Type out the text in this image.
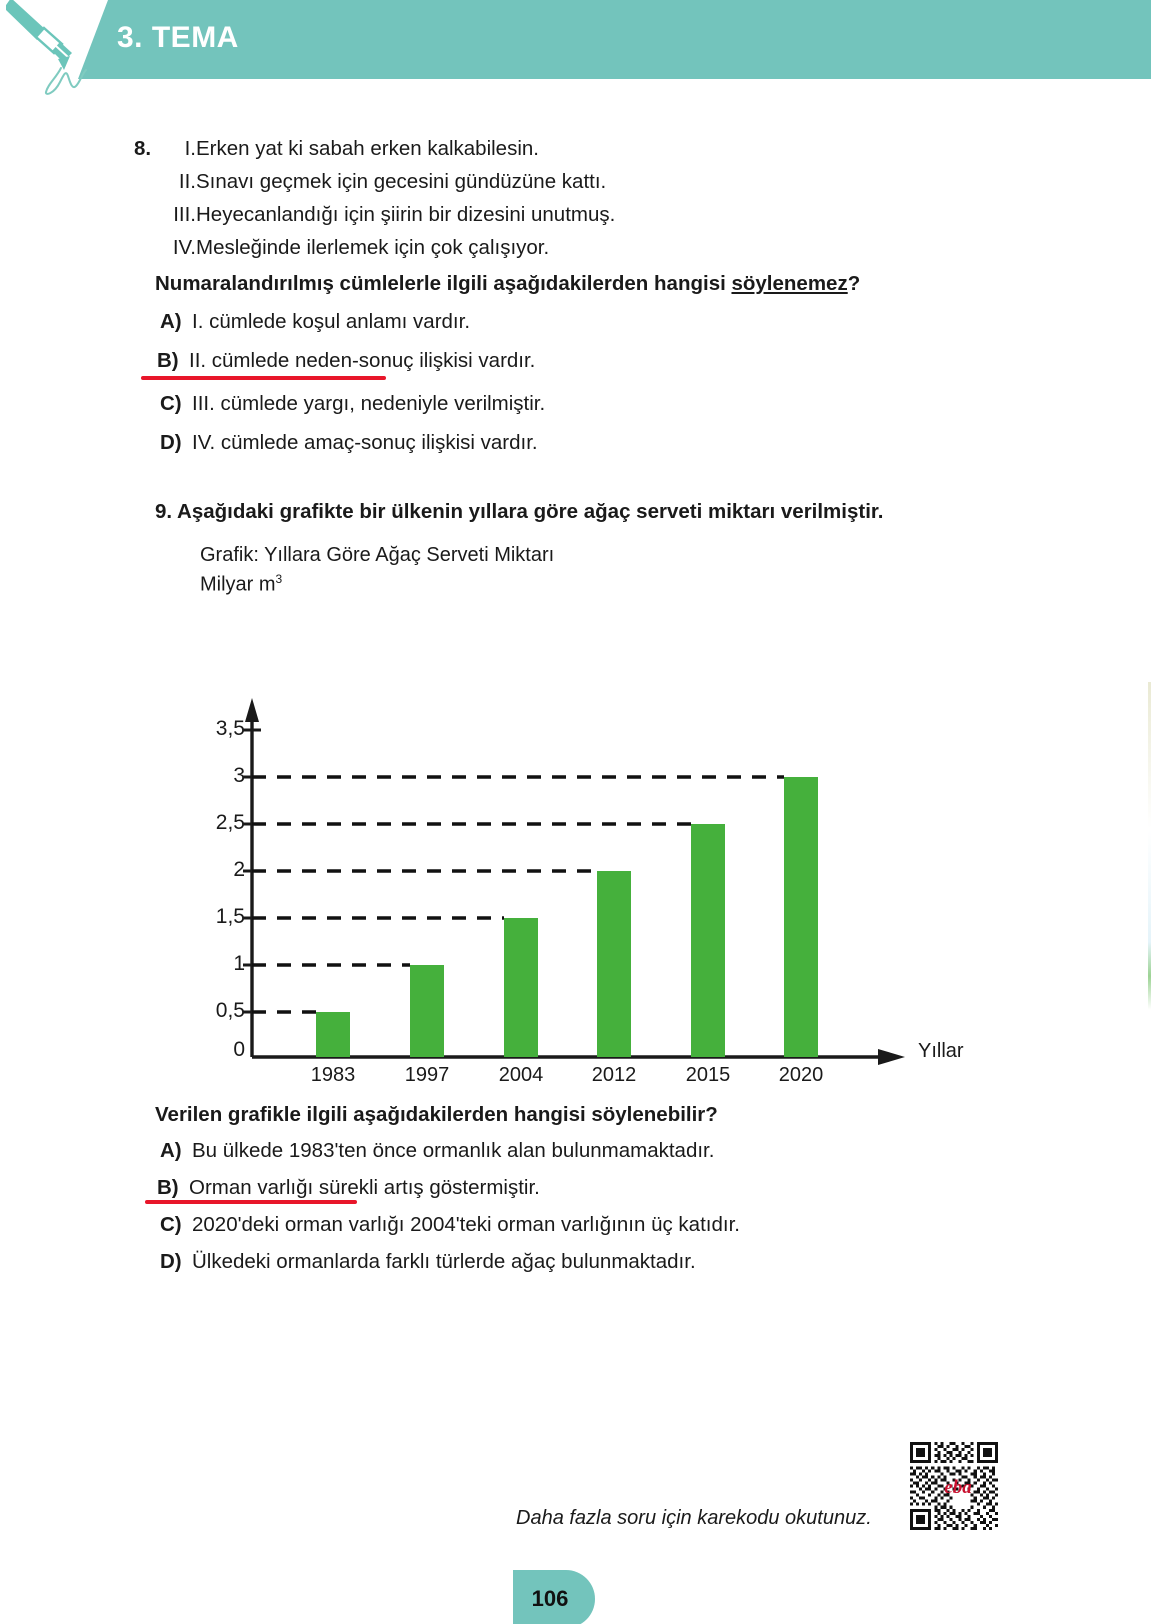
3. TEMA
8.	I. Erken yat ki sabah erken kalkabilesin.
II. Sınavı geçmek için gecesini gündüzüne kattı.
III. Heyecanlandığı için şiirin bir dizesini unutmuş.
IV. Mesleğinde ilerlemek için çok çalışıyor.
Numaralandırılmış cümlelerle ilgili aşağıdakilerden hangisi söylenemez?
A) I. cümlede koşul anlamı vardır.
B) II. cümlede neden-sonuç ilişkisi vardır.
C) III. cümlede yargı, nedeniyle verilmiştir.
D) IV. cümlede amaç-sonuç ilişkisi vardır.
9. Aşağıdaki grafikte bir ülkenin yıllara göre ağaç serveti miktarı verilmiştir.
Grafik: Yıllara Göre Ağaç Serveti Miktarı
Milyar $m^3$
3,5
3
2,5
2
1,5
1
0,5
0
1983	1997	2004	2012	2015	2020
Yıllar
Verilen grafikle ilgili aşağıdakilerden hangisi söylenebilir?
A) Bu ülkede 1983'ten önce ormanlık alan bulunmamaktadır.
B) Orman varlığı sürekli artış göstermiştir.
C) 2020'deki orman varlığı 2004'teki orman varlığının üç katıdır.
D) Ülkedeki ormanlarda farklı türlerde ağaç bulunmaktadır.
Daha fazla soru için karekodu okutunuz.
eba
106
